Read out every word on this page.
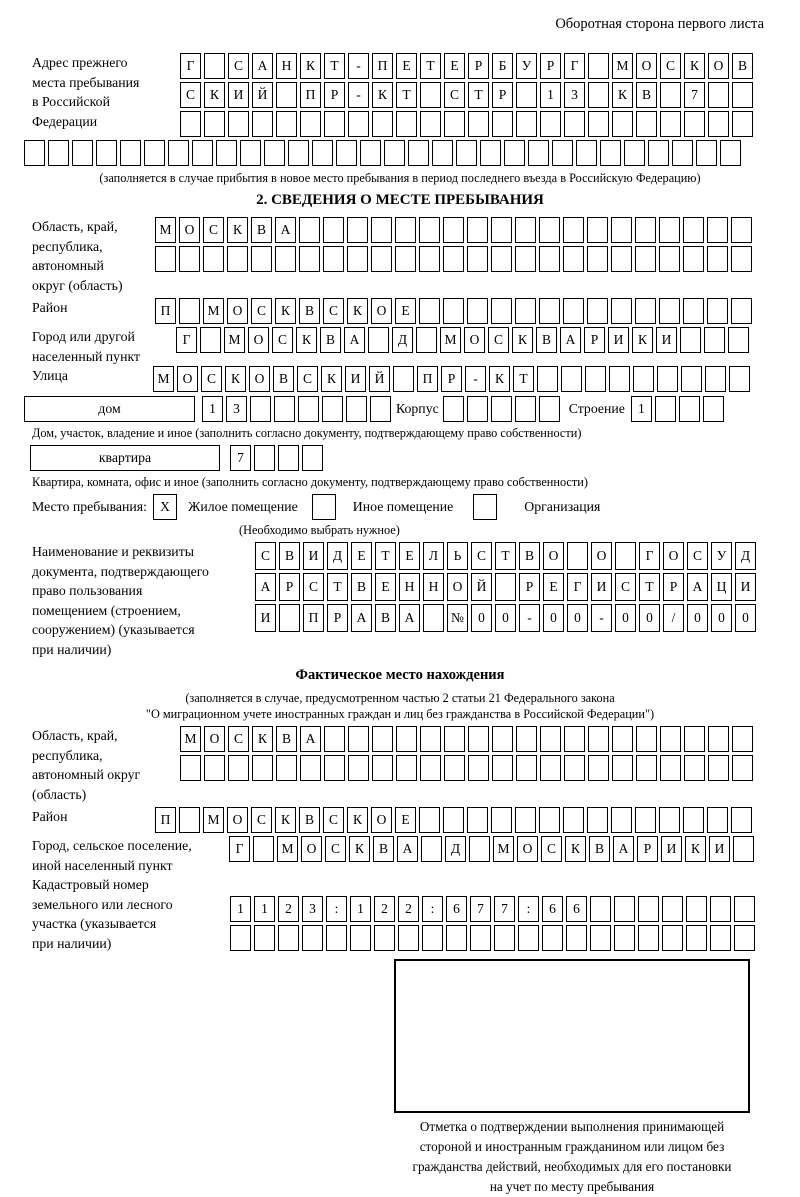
Оборотная сторона первого листа
Адрес прежнего
места пребывания
в Российской
Федерации
Г	С	А	Н	К	Т	-	П	Е	Т	Е	Р	Б	У	Р	Г	М О	С	К	О	В
С	К	И	Й	П	Р	-	К	Т	С	Т	Р	1	3	К	В	7
(заполняется в случае прибытия в новое место пребывания в период последнего въезда в Российскую Федерацию)
2. СВЕДЕНИЯ О МЕСТЕ ПРЕБЫВАНИЯ
Область, край,
республика,
автономный
округ (область)
М О	С	К	В	А
Район	П	М О	С	К	В	С	К	О	Е
Город или другой
населенный пункт
Г	М О	С	К	В	А	Д	М О	С	К	В	А	Р	И	К	И
Улица	М О	С	К	О	В	С	К	И	Й	П	Р	-	К	Т
дом	1	3	Корпус	Строение 1
Дом, участок, владение и иное (заполнить согласно документу, подтверждающему право собственности)
квартира	7
Квартира, комната, офис и иное (заполнить согласно документу, подтверждающему право собственности)
Место пребывания: X	Жилое помещение	Иное помещение	Организация
(Необходимо выбрать нужное)
Наименование и реквизиты
документа, подтверждающего
право пользования
помещением (строением,
сооружением) (указывается
при наличии)
С	В	И	Д	Е	Т	Е	Л	Ь	С	Т	В	О	О	Г	О	С	У	Д
А	Р	С	Т	В	Е	Н	Н	О	Й	Р	Е	Г	И	С	Т	Р	А	Ц	И
И	П	Р	А	В	А	№	0	0	-	0	0	-	0	0	/	0	0	0
Фактическое место нахождения
(заполняется в случае, предусмотренном частью 2 статьи 21 Федерального закона
"О миграционном учете иностранных граждан и лиц без гражданства в Российской Федерации")
Область, край,
республика,
автономный округ
(область)
М О	С	К	В	А
Район	П	М О	С	К	В	С	К	О	Е
Город, сельское поселение,
иной населенный пункт
Г	М О	С	К	В	А	Д	М О	С	К	В	А	Р	И	К	И
Кадастровый номер
земельного или лесного
участка (указывается
при наличии)
1	1	2	3	:	1	2	2	:	6	7	7	:	6	6
Отметка о подтверждении выполнения принимающей
стороной и иностранным гражданином или лицом без
гражданства действий, необходимых для его постановки
на учет по месту пребывания
